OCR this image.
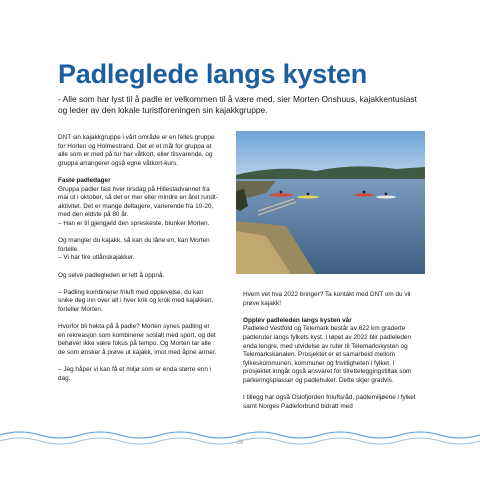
Padleglede langs kysten

- Alle som har lyst til å padle er velkommen til å være med, sier Morten Onshuus, kajakkentusiast og leder av den lokale turistforeningen sin kajakkgruppe.

DNT sin kajakkgruppe i vårt område er en felles gruppe for Horten og Holmestrand. Det er et mål for gruppa at alle som er med på tur har våtkort, eller tilsvarende, og gruppa arrangerer også egne våtkort-kurs.

Faste padledager
Gruppa padler fast hver tirsdag på Hillestadvannet fra mai ut i oktober, så det er mer eller mindre en året rundt-aktivitet. Det er mange deltagere, varierende fra 10-20, med den eldste på 80 år.
– Han er til gjengjeld den spreskeste, blunker Morten.

Og mangler du kajakk, så kan du låne en, kan Morten fortelle.
– Vi har fire utlånskajakker.

Og selve padlegleden er lett å oppnå.

– Padling kombinerer friluft med opplevelse, du kan snike deg inn over alt i hver krik og krok med kajakken, forteller Morten.

Hvorfor bli hekta på å padle? Morten synes padling er en rekreasjon som kombinerer sosialt med sport, og det behøver ikke være fokus på tempo. Og Morten tar alle de som ønsker å prøve ut kajakk, imot med åpne armer.

– Jeg håper vi kan få et miljø som er enda større enn i dag.

Hvem vet hva 2022 bringer? Ta kontakt med DNT om du vil prøve kajakk!

Opplev padleleden langs kysten vår
Padleled Vestfold og Telemark består av 622 km graderte padleruter langs fylkets kyst. I løpet av 2022 blir padleleden enda lengre, med utvidelse av ruter til Telemarkskysten og Telemarkskanalen. Prosjektet er et samarbeid mellom fylkeskommunen, kommuner og frivilligheten i fylket. I prosjektet inngår også ansvaret for tilretteleggingstiltak som parkeringsplasser og padlehuker. Dette skjer gradvis.

I tillegg har også Oslofjorden friluftsråd, padlemiljøene i fylket samt Norges Padleforbund bidratt med

26
